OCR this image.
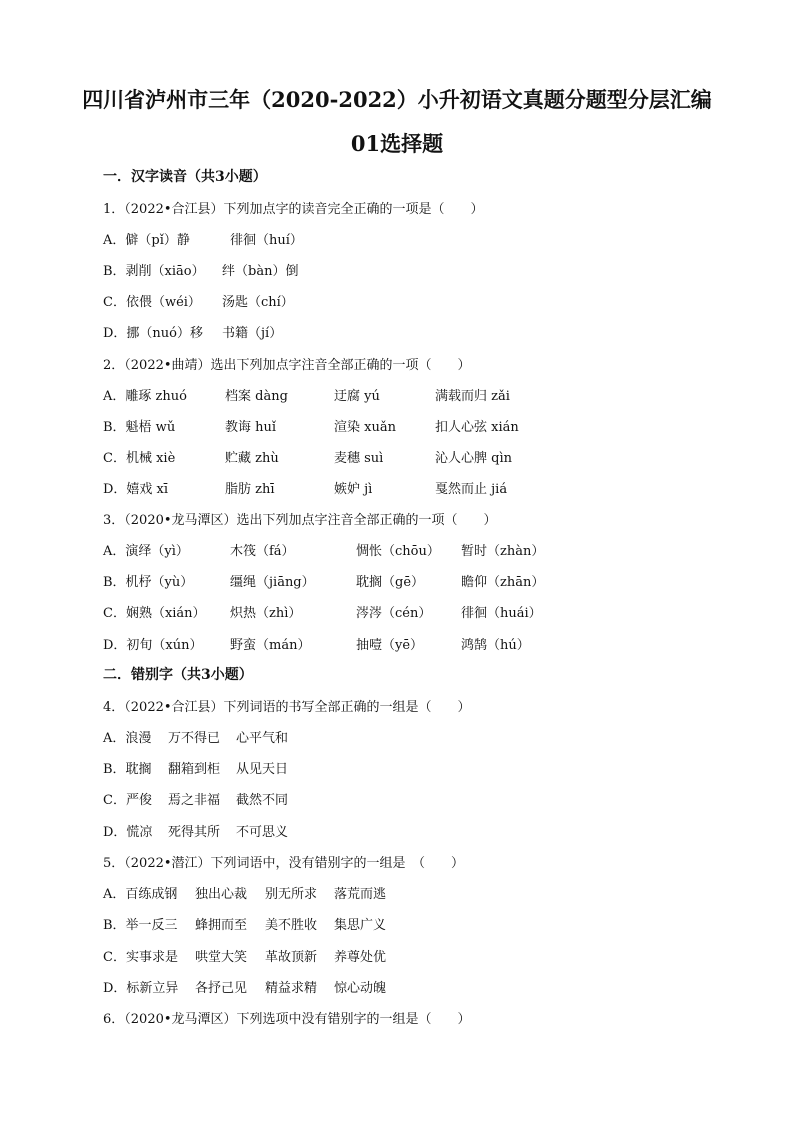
四川省泸州市三年（2020-2022）小升初语文真题分题型分层汇编
01选择题
一．汉字读音（共3小题）
1．（2022•合江县）下列加点字的读音完全正确的一项是（　　）
A．僻（pǐ）静	徘徊（huí）
B．剥削（xiāo） 绊（bàn）倒
C．依偎（wéi） 汤匙（chí）
D．挪（nuó）移 书籍（jí）
2．（2022•曲靖）选出下列加点字注音全部正确的一项（　　）
A．雕琢 zhuó	档案 dàng	迂腐 yú	满载而归 zǎi
B．魁梧 wǔ	教诲 huǐ	渲染 xuǎn	扣人心弦 xián
C．机械 xiè	贮藏 zhù	麦穗 suì	沁人心脾 qìn
D．嬉戏 xī	脂肪 zhī	嫉妒 jì	戛然而止 jiá
3．（2020•龙马潭区）选出下列加点字注音全部正确的一项（　　）
A．演绎（yì）	木筏（fá）	惆怅（chōu） 暂时（zhàn）
B．机杼（yù）	缰绳（jiāng）	耽搁（gē）	瞻仰（zhān）
C．娴熟（xián） 炽热（zhì）	涔涔（cén） 徘徊（huái）
D．初旬（xún） 野蛮（mán）	抽噎（yē）	鸿鹄（hú）
二．错别字（共3小题）
4．（2022•合江县）下列词语的书写全部正确的一组是（　　）
A．浪漫 万不得已 心平气和
B．耽搁 翻箱到柜 从见天日
C．严俊 焉之非福 截然不同
D．慌凉 死得其所 不可思义
5．（2022•潜江）下列词语中，没有错别字的一组是　（　　）
A．百练成钢 独出心裁 别无所求 落荒而逃
B．举一反三 蜂拥而至 美不胜收 集思广义
C．实事求是 哄堂大笑 革故顶新 养尊处优
D．标新立异 各抒己见 精益求精 惊心动魄
6．（2020•龙马潭区）下列选项中没有错别字的一组是（　　）
